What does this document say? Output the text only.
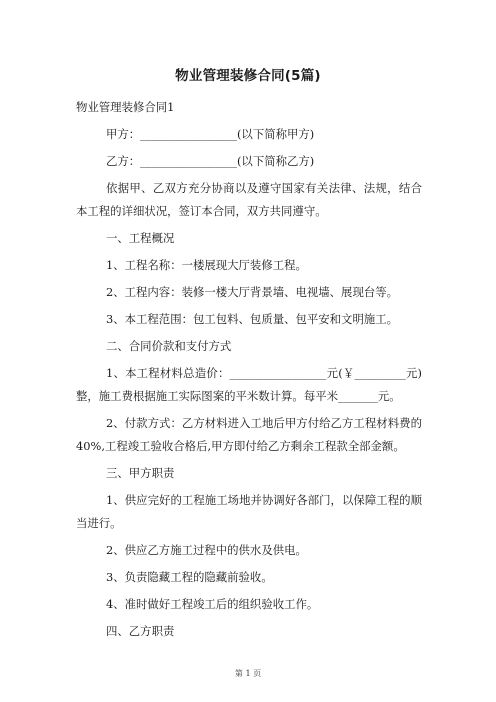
物业管理装修合同(5篇)
物业管理装修合同1
甲方：_________________(以下简称甲方)
乙方：_________________(以下简称乙方)
依据甲、乙双方充分协商以及遵守国家有关法律、法规，结合本工程的详细状况，签订本合同，双方共同遵守。
一、工程概况
1、工程名称：一楼展现大厅装修工程。
2、工程内容：装修一楼大厅背景墙、电视墙、展现台等。
3、本工程范围：包工包料、包质量、包平安和文明施工。
二、合同价款和支付方式
1、本工程材料总造价：_________________元(￥_________元)整，施工费根据施工实际图案的平米数计算。每平米_______元。
2、付款方式：乙方材料进入工地后甲方付给乙方工程材料费的40%,工程竣工验收合格后,甲方即付给乙方剩余工程款全部金额。
三、甲方职责
1、供应完好的工程施工场地并协调好各部门，以保障工程的顺当进行。
2、供应乙方施工过程中的供水及供电。
3、负责隐藏工程的隐藏前验收。
4、准时做好工程竣工后的组织验收工作。
四、乙方职责
第 1 页
